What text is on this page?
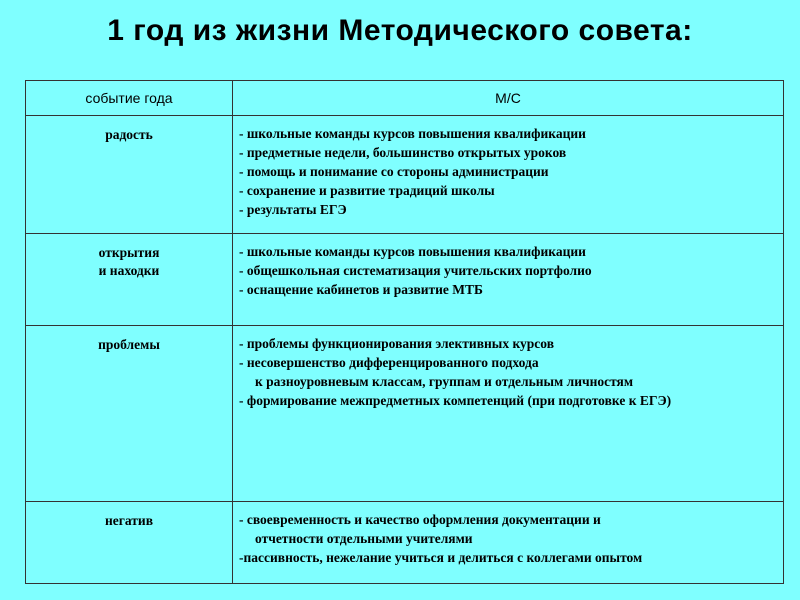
1 год из жизни Методического совета:
событие года	М/С

радость	- школьные команды курсов повышения квалификации
- предметные недели, большинство открытых уроков
- помощь и понимание со стороны администрации
- сохранение и развитие традиций школы
- результаты ЕГЭ

открытия
и находки	- школьные команды курсов повышения квалификации
- общешкольная систематизация учительских портфолио
- оснащение кабинетов и развитие МТБ

проблемы	- проблемы функционирования элективных курсов
- несовершенство дифференцированного подхода
к разноуровневым классам, группам и отдельным личностям
- формирование межпредметных компетенций (при подготовке к ЕГЭ)

негатив	- своевременность и качество оформления документации и
отчетности отдельными учителями
-пассивность, нежелание учиться и делиться с коллегами опытом
